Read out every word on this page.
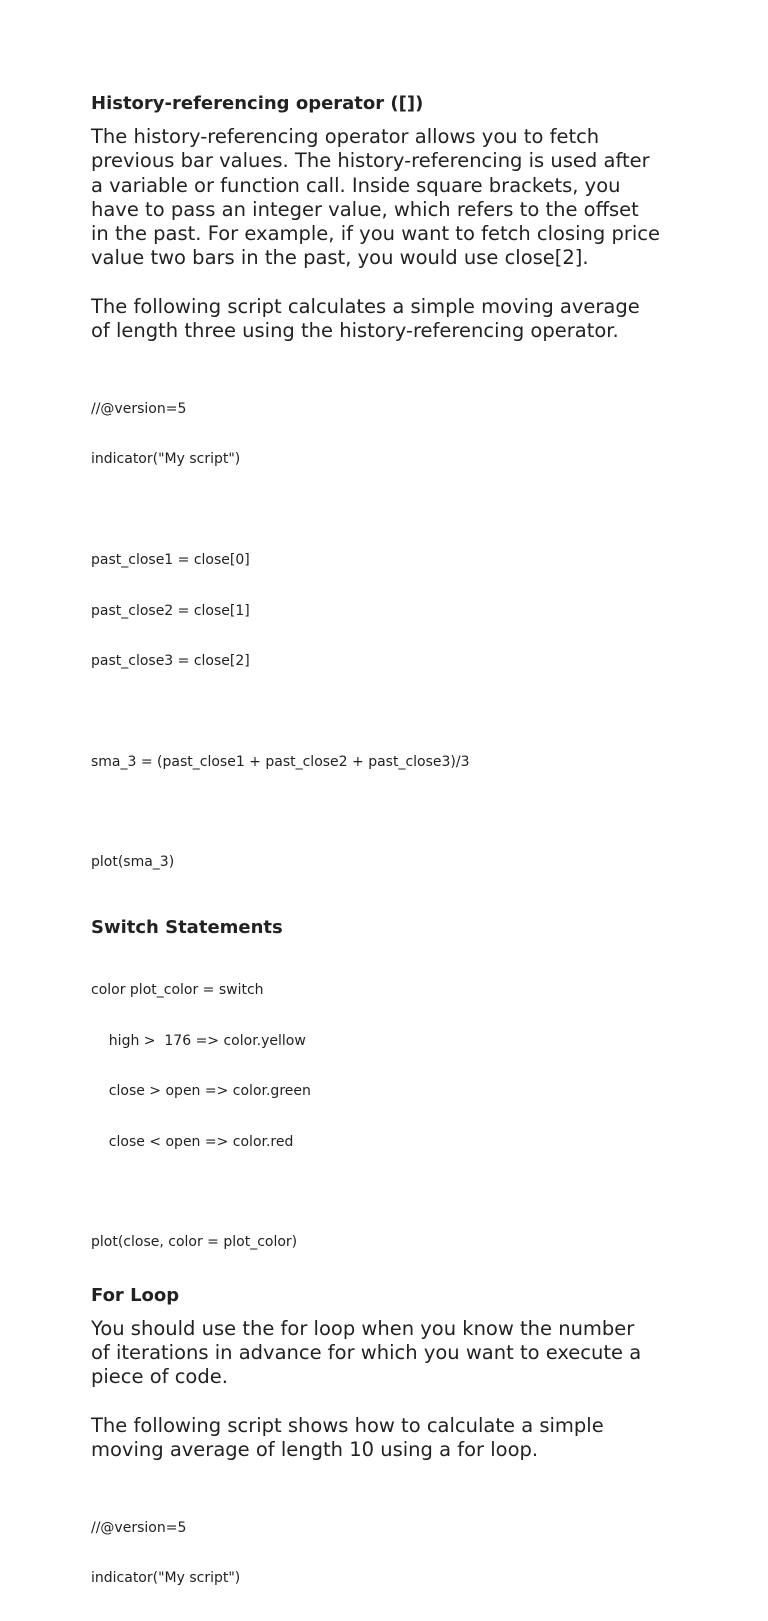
History-referencing operator ([])
The history-referencing operator allows you to fetch
previous bar values. The history-referencing is used after
a variable or function call. Inside square brackets, you
have to pass an integer value, which refers to the offset
in the past. For example, if you want to fetch closing price
value two bars in the past, you would use close[2].
The following script calculates a simple moving average
of length three using the history-referencing operator.

//@version=5

indicator("My script")

past_close1 = close[0]

past_close2 = close[1]

past_close3 = close[2]

sma_3 = (past_close1 + past_close2 + past_close3)/3

plot(sma_3)

Switch Statements

color plot_color = switch

high >  176 => color.yellow

close > open => color.green

close < open => color.red

plot(close, color = plot_color)

For Loop
You should use the for loop when you know the number
of iterations in advance for which you want to execute a
piece of code.
The following script shows how to calculate a simple
moving average of length 10 using a for loop.

//@version=5

indicator("My script")
